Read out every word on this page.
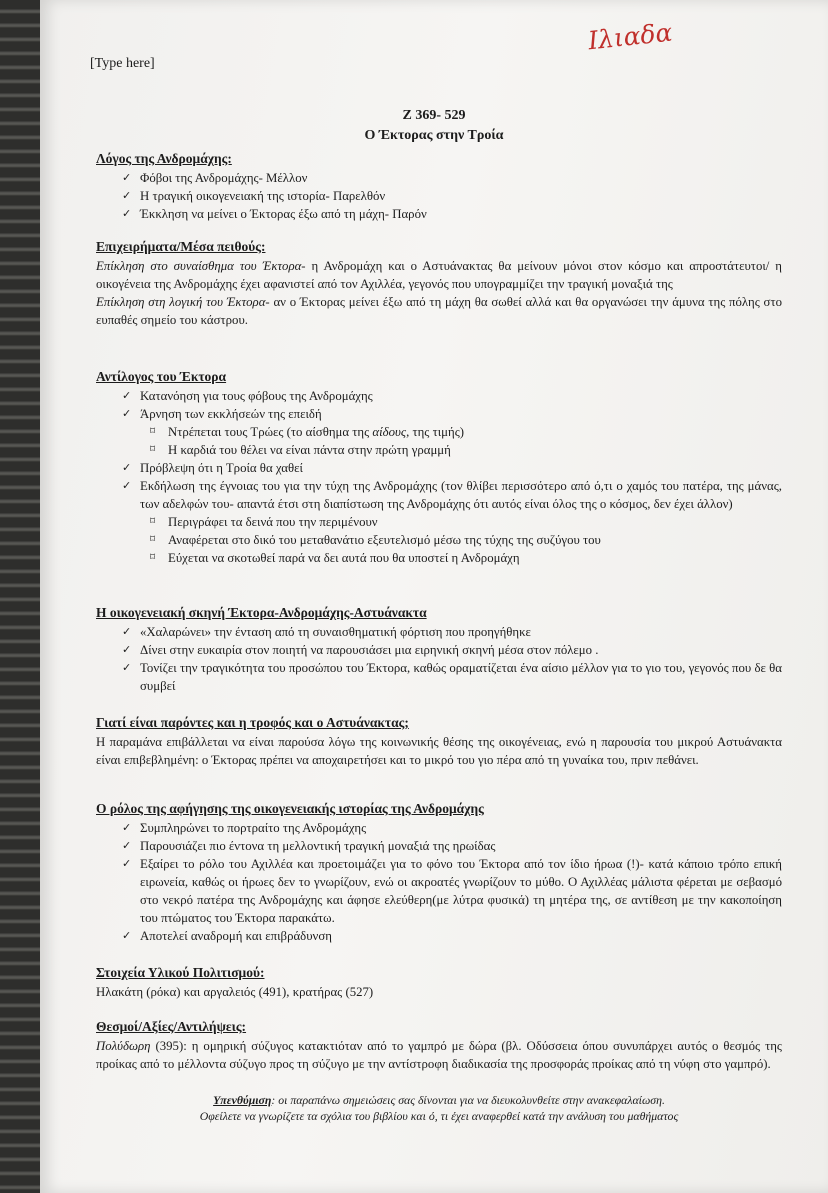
Ιλιαδα
[Type here]
Ζ 369- 529
Ο Έκτορας στην Τροία
Λόγος της Ανδρομάχης:
✓ Φόβοι της Ανδρομάχης- Μέλλον
✓ Η τραγική οικογενειακή της ιστορία- Παρελθόν
✓ Έκκληση να μείνει ο Έκτορας έξω από τη μάχη- Παρόν
Επιχειρήματα/Μέσα πειθούς:
Επίκληση στο συναίσθημα του Έκτορα- η Ανδρομάχη και ο Αστυάνακτας θα μείνουν μόνοι στον κόσμο και απροστάτευτοι/ η οικογένεια της Ανδρομάχης έχει αφανιστεί από τον Αχιλλέα, γεγονός που υπογραμμίζει την τραγική μοναξιά της
Επίκληση στη λογική του Έκτορα- αν ο Έκτορας μείνει έξω από τη μάχη θα σωθεί αλλά και θα οργανώσει την άμυνα της πόλης στο ευπαθές σημείο του κάστρου.
Αντίλογος του Έκτορα
✓ Κατανόηση για τους φόβους της Ανδρομάχης
✓ Άρνηση των εκκλήσεών της επειδή
⌑ Ντρέπεται τους Τρώες (το αίσθημα της αίδους, της τιμής)
⌑ Η καρδιά του θέλει να είναι πάντα στην πρώτη γραμμή
✓ Πρόβλεψη ότι η Τροία θα χαθεί
✓ Εκδήλωση της έγνοιας του για την τύχη της Ανδρομάχης (τον θλίβει περισσότερο από ό,τι ο χαμός του πατέρα, της μάνας, των αδελφών του- απαντά έτσι στη διαπίστωση της Ανδρομάχης ότι αυτός είναι όλος της ο κόσμος, δεν έχει άλλον)
⌑ Περιγράφει τα δεινά που την περιμένουν
⌑ Αναφέρεται στο δικό του μεταθανάτιο εξευτελισμό μέσω της τύχης της συζύγου του
⌑ Εύχεται να σκοτωθεί παρά να δει αυτά που θα υποστεί η Ανδρομάχη
Η οικογενειακή σκηνή Έκτορα-Ανδρομάχης-Αστυάνακτα
✓ «Χαλαρώνει» την ένταση από τη συναισθηματική φόρτιση που προηγήθηκε
✓ Δίνει στην ευκαιρία στον ποιητή να παρουσιάσει μια ειρηνική σκηνή μέσα στον πόλεμο .
✓ Τονίζει την τραγικότητα του προσώπου του Έκτορα, καθώς οραματίζεται ένα αίσιο μέλλον για το γιο του, γεγονός που δε θα συμβεί
Γιατί είναι παρόντες και η τροφός και ο Αστυάνακτας;
Η παραμάνα επιβάλλεται να είναι παρούσα λόγω της κοινωνικής θέσης της οικογένειας, ενώ η παρουσία του μικρού Αστυάνακτα είναι επιβεβλημένη: ο Έκτορας πρέπει να αποχαιρετήσει και το μικρό του γιο πέρα από τη γυναίκα του, πριν πεθάνει.
Ο ρόλος της αφήγησης της οικογενειακής ιστορίας της Ανδρομάχης
✓ Συμπληρώνει το πορτραίτο της Ανδρομάχης
✓ Παρουσιάζει πιο έντονα τη μελλοντική τραγική μοναξιά της ηρωίδας
✓ Εξαίρει το ρόλο του Αχιλλέα και προετοιμάζει για το φόνο του Έκτορα από τον ίδιο ήρωα (!)- κατά κάποιο τρόπο επική ειρωνεία, καθώς οι ήρωες δεν το γνωρίζουν, ενώ οι ακροατές γνωρίζουν το μύθο. Ο Αχιλλέας μάλιστα φέρεται με σεβασμό στο νεκρό πατέρα της Ανδρομάχης και άφησε ελεύθερη(με λύτρα φυσικά) τη μητέρα της, σε αντίθεση με την κακοποίηση του πτώματος του Έκτορα παρακάτω.
✓ Αποτελεί αναδρομή και επιβράδυνση
Στοιχεία Υλικού Πολιτισμού:
Ηλακάτη (ρόκα) και αργαλειός (491), κρατήρας (527)
Θεσμοί/Αξίες/Αντιλήψεις:
Πολύδωρη (395): η ομηρική σύζυγος κατακτιόταν από το γαμπρό με δώρα (βλ. Οδύσσεια όπου συνυπάρχει αυτός ο θεσμός της προίκας από το μέλλοντα σύζυγο προς τη σύζυγο με την αντίστροφη διαδικασία της προσφοράς προίκας από τη νύφη στο γαμπρό).
Υπενθύμιση: οι παραπάνω σημειώσεις σας δίνονται για να διευκολυνθείτε στην ανακεφαλαίωση.
Οφείλετε να γνωρίζετε τα σχόλια του βιβλίου και ό, τι έχει αναφερθεί κατά την ανάλυση του μαθήματος
